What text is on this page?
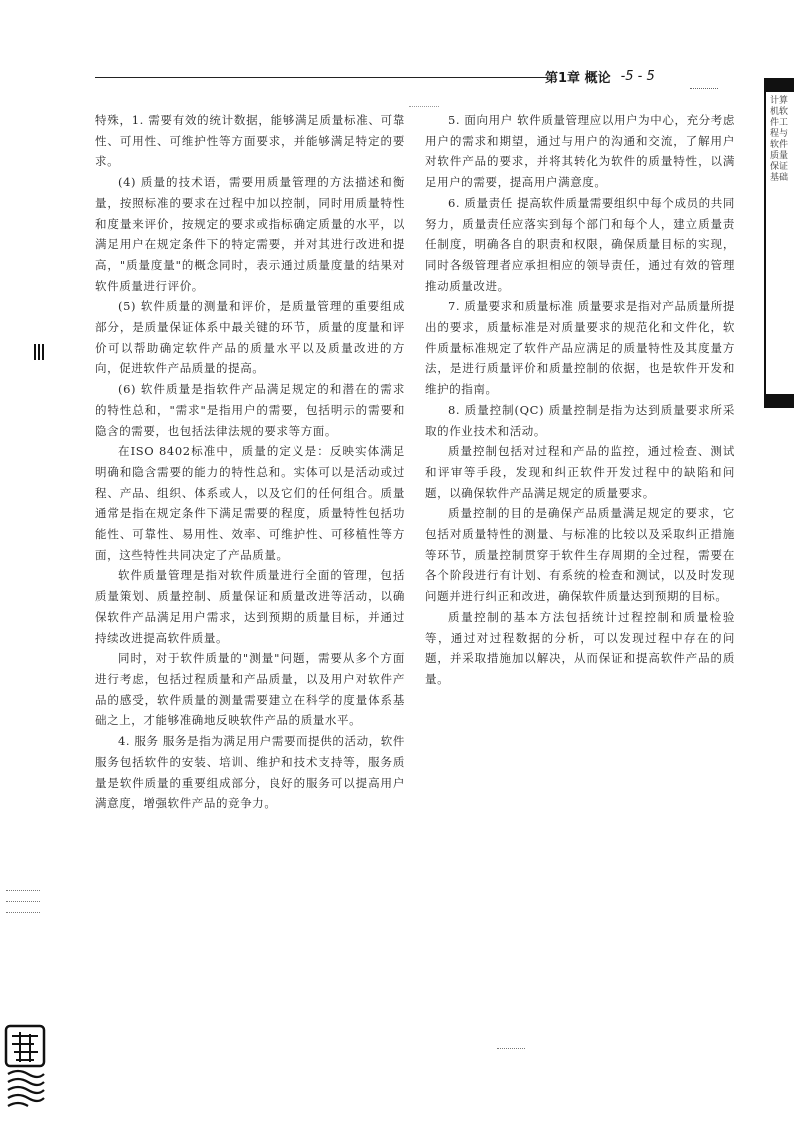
第1章 概论 -5 - 5

特殊，1. 需要有效的统计数据，能够满足质量标准、可靠性、可用性、可维护性等方面要求，并能够满足特定的要求。

(4) 质量的技术语，需要用质量管理的方法描述和衡量，按照标准的要求在过程中加以控制，同时用质量特性和度量来评价，按规定的要求或指标确定质量的水平，以满足用户在规定条件下的特定需要，并对其进行改进和提高，"质量度量"的概念同时，表示通过质量度量的结果对软件质量进行评价。

(5) 软件质量的测量和评价，是质量管理的重要组成部分，是质量保证体系中最关键的环节，质量的度量和评价可以帮助确定软件产品的质量水平以及质量改进的方向，促进软件产品质量的提高。

(6) 软件质量是指软件产品满足规定的和潜在的需求的特性总和，"需求"是指用户的需要，包括明示的需要和隐含的需要，也包括法律法规的要求等方面。

在ISO 8402标准中，质量的定义是：反映实体满足明确和隐含需要的能力的特性总和。实体可以是活动或过程、产品、组织、体系或人，以及它们的任何组合。质量通常是指在规定条件下满足需要的程度，质量特性包括功能性、可靠性、易用性、效率、可维护性、可移植性等方面，这些特性共同决定了产品质量。

软件质量管理是指对软件质量进行全面的管理，包括质量策划、质量控制、质量保证和质量改进等活动，以确保软件产品满足用户需求，达到预期的质量目标，并通过持续改进提高软件质量。

同时，对于软件质量的"测量"问题，需要从多个方面进行考虑，包括过程质量和产品质量，以及用户对软件产品的感受，软件质量的测量需要建立在科学的度量体系基础之上，才能够准确地反映软件产品的质量水平。

4. 服务 服务是指为满足用户需要而提供的活动，软件服务包括软件的安装、培训、维护和技术支持等，服务质量是软件质量的重要组成部分，良好的服务可以提高用户满意度，增强软件产品的竞争力。

5. 面向用户 软件质量管理应以用户为中心，充分考虑用户的需求和期望，通过与用户的沟通和交流，了解用户对软件产品的要求，并将其转化为软件的质量特性，以满足用户的需要，提高用户满意度。

6. 质量责任 提高软件质量需要组织中每个成员的共同努力，质量责任应落实到每个部门和每个人，建立质量责任制度，明确各自的职责和权限，确保质量目标的实现，同时各级管理者应承担相应的领导责任，通过有效的管理推动质量改进。

7. 质量要求和质量标准 质量要求是指对产品质量所提出的要求，质量标准是对质量要求的规范化和文件化，软件质量标准规定了软件产品应满足的质量特性及其度量方法，是进行质量评价和质量控制的依据，也是软件开发和维护的指南。

8. 质量控制(QC) 质量控制是指为达到质量要求所采取的作业技术和活动。

质量控制包括对过程和产品的监控，通过检查、测试和评审等手段，发现和纠正软件开发过程中的缺陷和问题，以确保软件产品满足规定的质量要求。

质量控制的目的是确保产品质量满足规定的要求，它包括对质量特性的测量、与标准的比较以及采取纠正措施等环节，质量控制贯穿于软件生存周期的全过程，需要在各个阶段进行有计划、有系统的检查和测试，以及时发现问题并进行纠正和改进，确保软件质量达到预期的目标。

质量控制的基本方法包括统计过程控制和质量检验等，通过对过程数据的分析，可以发现过程中存在的问题，并采取措施加以解决，从而保证和提高软件产品的质量。

计算机软件工程与软件质量保证基础
